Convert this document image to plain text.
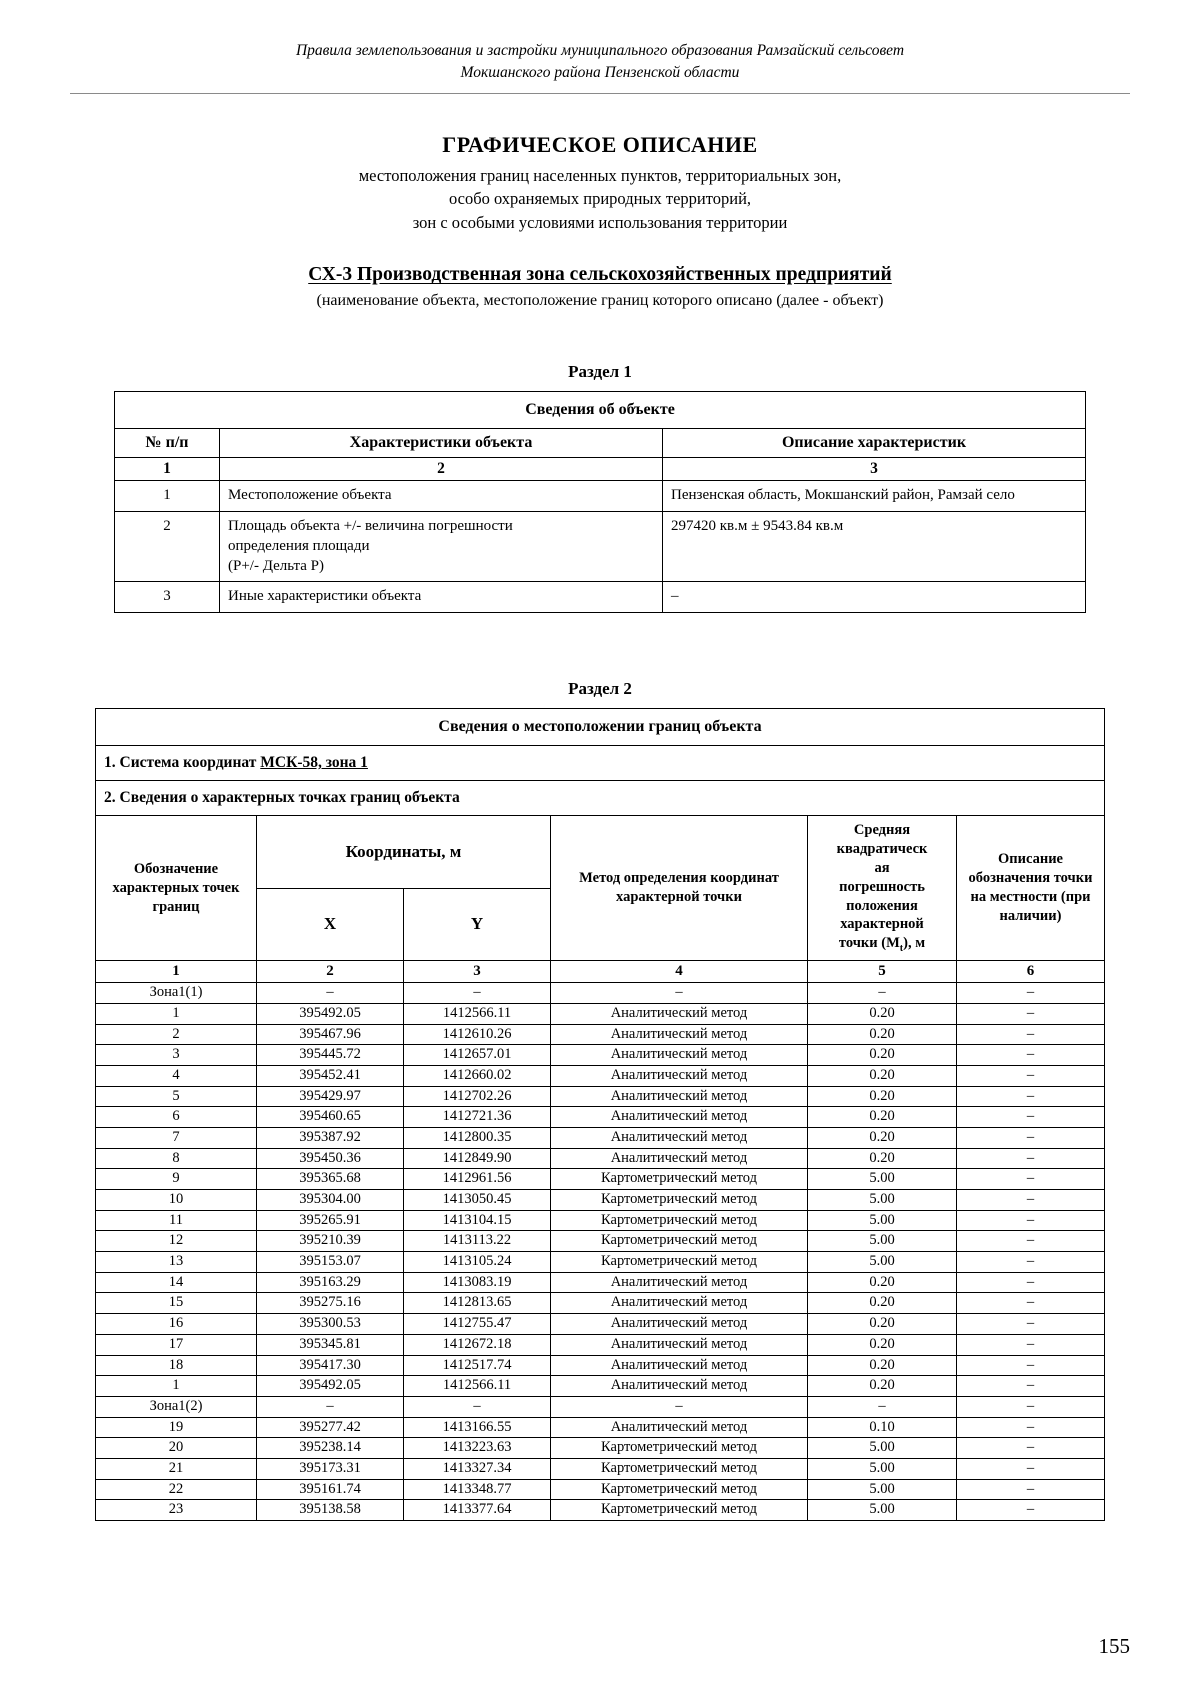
Правила землепользования и застройки муниципального образования Рамзайский сельсовет
Мокшанского района Пензенской области
ГРАФИЧЕСКОЕ ОПИСАНИЕ
местоположения границ населенных пунктов, территориальных зон,
особо охраняемых природных территорий,
зон с особыми условиями использования территории
СХ-3 Производственная зона сельскохозяйственных предприятий
(наименование объекта, местоположение границ которого описано (далее - объект)
Раздел 1
Сведения об объекте		
№ п/п	Характеристики объекта	Описание характеристик
1	2	3
1	Местоположение объекта	Пензенская область, Мокшанский район, Рамзай село
2	Площадь объекта +/- величина погрешности
определения площади
(Р+/- Дельта Р)	297420 кв.м ± 9543.84 кв.м
3	Иные характеристики объекта	–
Раздел 2
Сведения о местоположении границ объекта					
1. Система координат МСК-58, зона 1					
2. Сведения о характерных точках границ объекта					
Обозначение характерных точек границ	Координаты, м	Метод определения координат характерной точки	Средняя
квадратическ
ая
погрешность
положения
характерной
точки $(М_t)$, м	Описание обозначения точки на местности (при наличии)
	X	Y			
1	2	3	4	5	6
Зона1(1)	–	–	–	–	–
1	395492.05	1412566.11	Аналитический метод	0.20	–
2	395467.96	1412610.26	Аналитический метод	0.20	–
3	395445.72	1412657.01	Аналитический метод	0.20	–
4	395452.41	1412660.02	Аналитический метод	0.20	–
5	395429.97	1412702.26	Аналитический метод	0.20	–
6	395460.65	1412721.36	Аналитический метод	0.20	–
7	395387.92	1412800.35	Аналитический метод	0.20	–
8	395450.36	1412849.90	Аналитический метод	0.20	–
9	395365.68	1412961.56	Картометрический метод	5.00	–
10	395304.00	1413050.45	Картометрический метод	5.00	–
11	395265.91	1413104.15	Картометрический метод	5.00	–
12	395210.39	1413113.22	Картометрический метод	5.00	–
13	395153.07	1413105.24	Картометрический метод	5.00	–
14	395163.29	1413083.19	Аналитический метод	0.20	–
15	395275.16	1412813.65	Аналитический метод	0.20	–
16	395300.53	1412755.47	Аналитический метод	0.20	–
17	395345.81	1412672.18	Аналитический метод	0.20	–
18	395417.30	1412517.74	Аналитический метод	0.20	–
1	395492.05	1412566.11	Аналитический метод	0.20	–
Зона1(2)	–	–	–	–	–
19	395277.42	1413166.55	Аналитический метод	0.10	–
20	395238.14	1413223.63	Картометрический метод	5.00	–
21	395173.31	1413327.34	Картометрический метод	5.00	–
22	395161.74	1413348.77	Картометрический метод	5.00	–
23	395138.58	1413377.64	Картометрический метод	5.00	–
155
